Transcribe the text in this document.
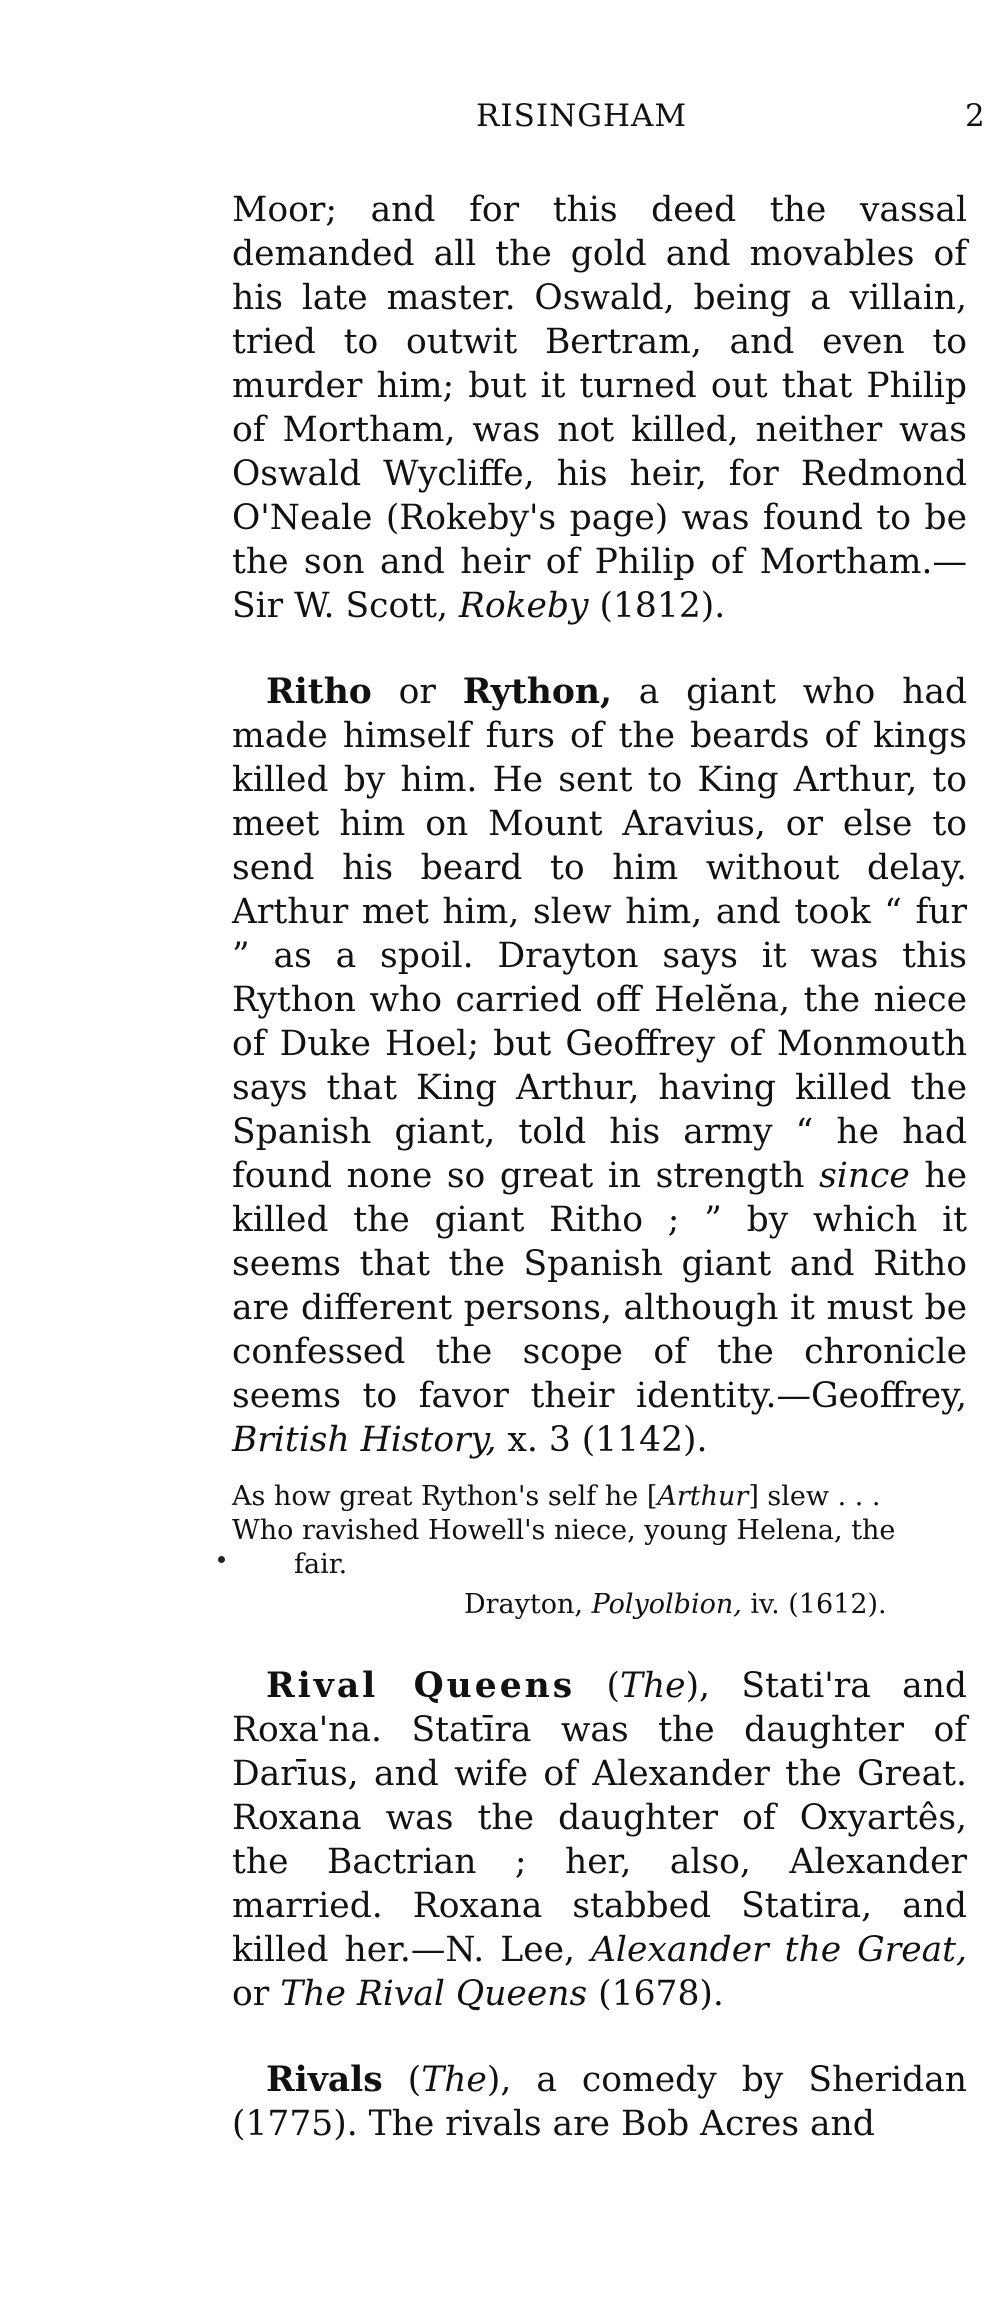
RISINGHAM	2

Moor; and for this deed the vassal demanded all the gold and movables of his late master. Oswald, being a villain, tried to outwit Bertram, and even to murder him; but it turned out that Philip of Mortham, was not killed, neither was Oswald Wycliffe, his heir, for Redmond O'Neale (Rokeby's page) was found to be the son and heir of Philip of Mortham.—Sir W. Scott, Rokeby (1812).

Ritho or Rython, a giant who had made himself furs of the beards of kings killed by him. He sent to King Arthur, to meet him on Mount Aravius, or else to send his beard to him without delay. Arthur met him, slew him, and took “ fur ” as a spoil. Drayton says it was this Rython who carried off Helĕna, the niece of Duke Hoel; but Geoffrey of Monmouth says that King Arthur, having killed the Spanish giant, told his army “ he had found none so great in strength since he killed the giant Ritho ; ” by which it seems that the Spanish giant and Ritho are different persons, although it must be confessed the scope of the chronicle seems to favor their identity.—Geoffrey, British History, x. 3 (1142).

As how great Rython's self he [Arthur] slew . . .
Who ravished Howell's niece, young Helena, the
fair.
Drayton, Polyolbion, iv. (1612).

Rival Queens (The), Stati'ra and Roxa'na. Statīra was the daughter of Darīus, and wife of Alexander the Great. Roxana was the daughter of Oxyartês, the Bactrian ; her, also, Alexander married. Roxana stabbed Statira, and killed her.—N. Lee, Alexander the Great, or The Rival Queens (1678).

Rivals (The), a comedy by Sheridan (1775). The rivals are Bob Acres and
